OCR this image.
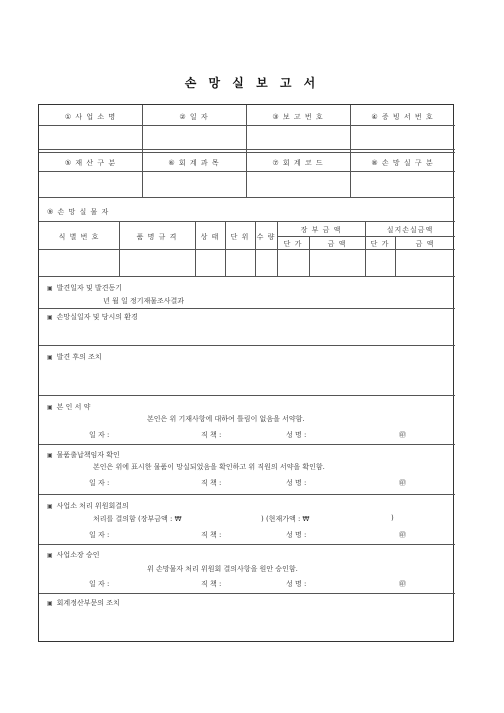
손 망 실 보 고 서
① 사 업 소 명	② 일 자	③ 보 고 번 호	④ 증 빙 서 번 호
⑤ 재 산 구 분	⑥ 회 계 과 목	⑦ 회 계 코 드	⑧ 손 망 실 구 분
⑨ 손 망 실 물 자
식 별 번 호	품 명 규 격	상 태	단 위	수 량
장 부 금 액	실지손실금액
단 가	금 액	단 가	금 액
▣ 발견일자 및 발견동기
년 월 일 정기재물조사결과
▣ 손망실일자 및 당시의 환경
▣ 발견 후의 조치
▣ 본 인 서 약
본인은 위 기재사항에 대하여 틀림이 없음을 서약함.
일 자 :	직 책 :	성 명 :	㊞
▣ 물품출납책임자 확인
본인은 위에 표시한 물품이 망실되었음을 확인하고 위 직원의 서약을 확인함.
일 자 :	직 책 :	성 명 :	㊞
▣ 사업소 처리 위원회결의
처리를 결의함 (장부금액 : ₩	) (현재가액 : ₩	)
일 자 :	직 책 :	성 명 :	㊞
▣ 사업소장 승인
위 손망물자 처리 위원회 결의사항을 원안 승인함.
일 자 :	직 책 :	성 명 :	㊞
▣ 회계정산부문의 조치
